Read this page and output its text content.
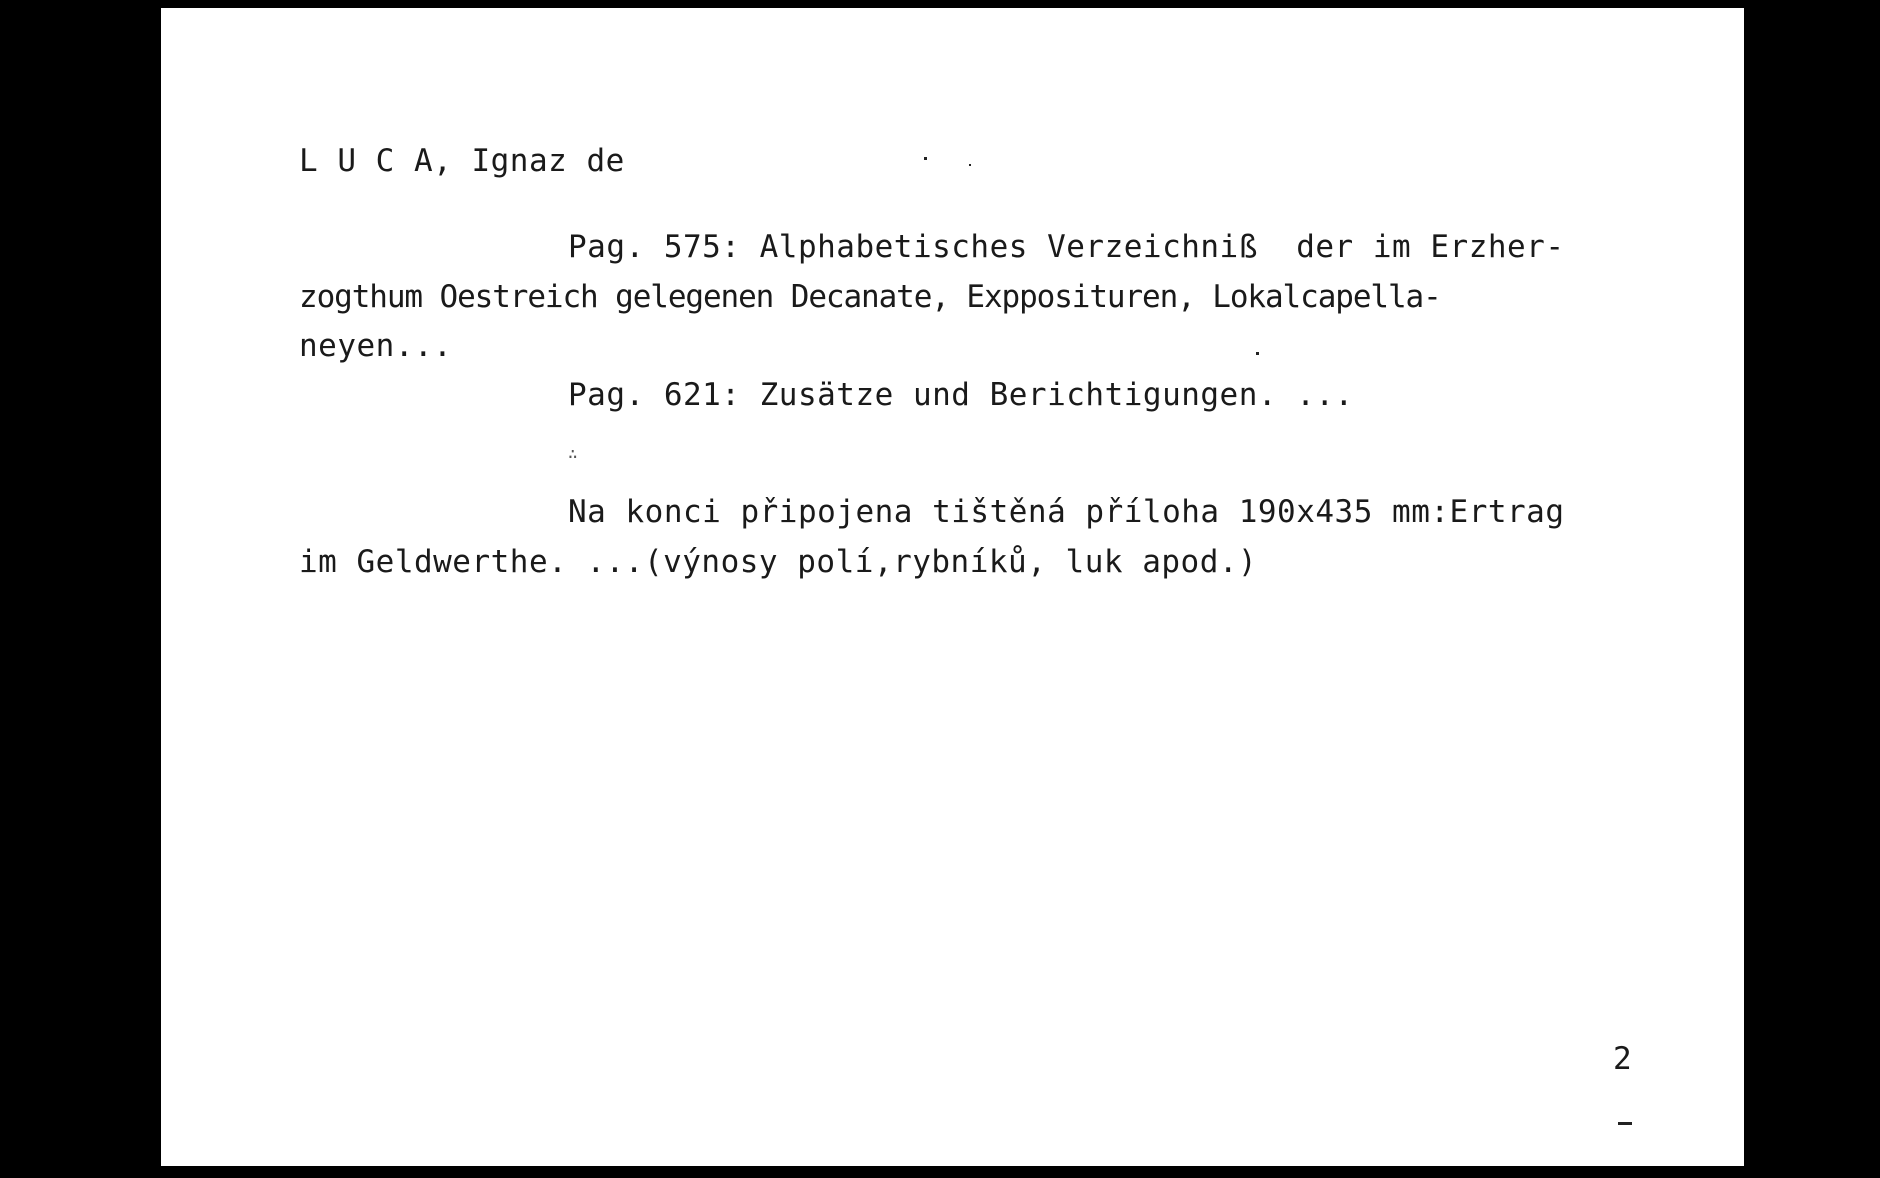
L U C A, Ignaz de
Pag. 575: Alphabetisches Verzeichniß  der im Erzher-
zogthum Oestreich gelegenen Decanate, Expposituren, Lokalcapella-
neyen...
Pag. 621: Zusätze und Berichtigungen. ...
∴
Na konci připojena tištěná příloha 190x435 mm:Ertrag
im Geldwerthe. ...(výnosy polí,rybníků, luk apod.)
2
